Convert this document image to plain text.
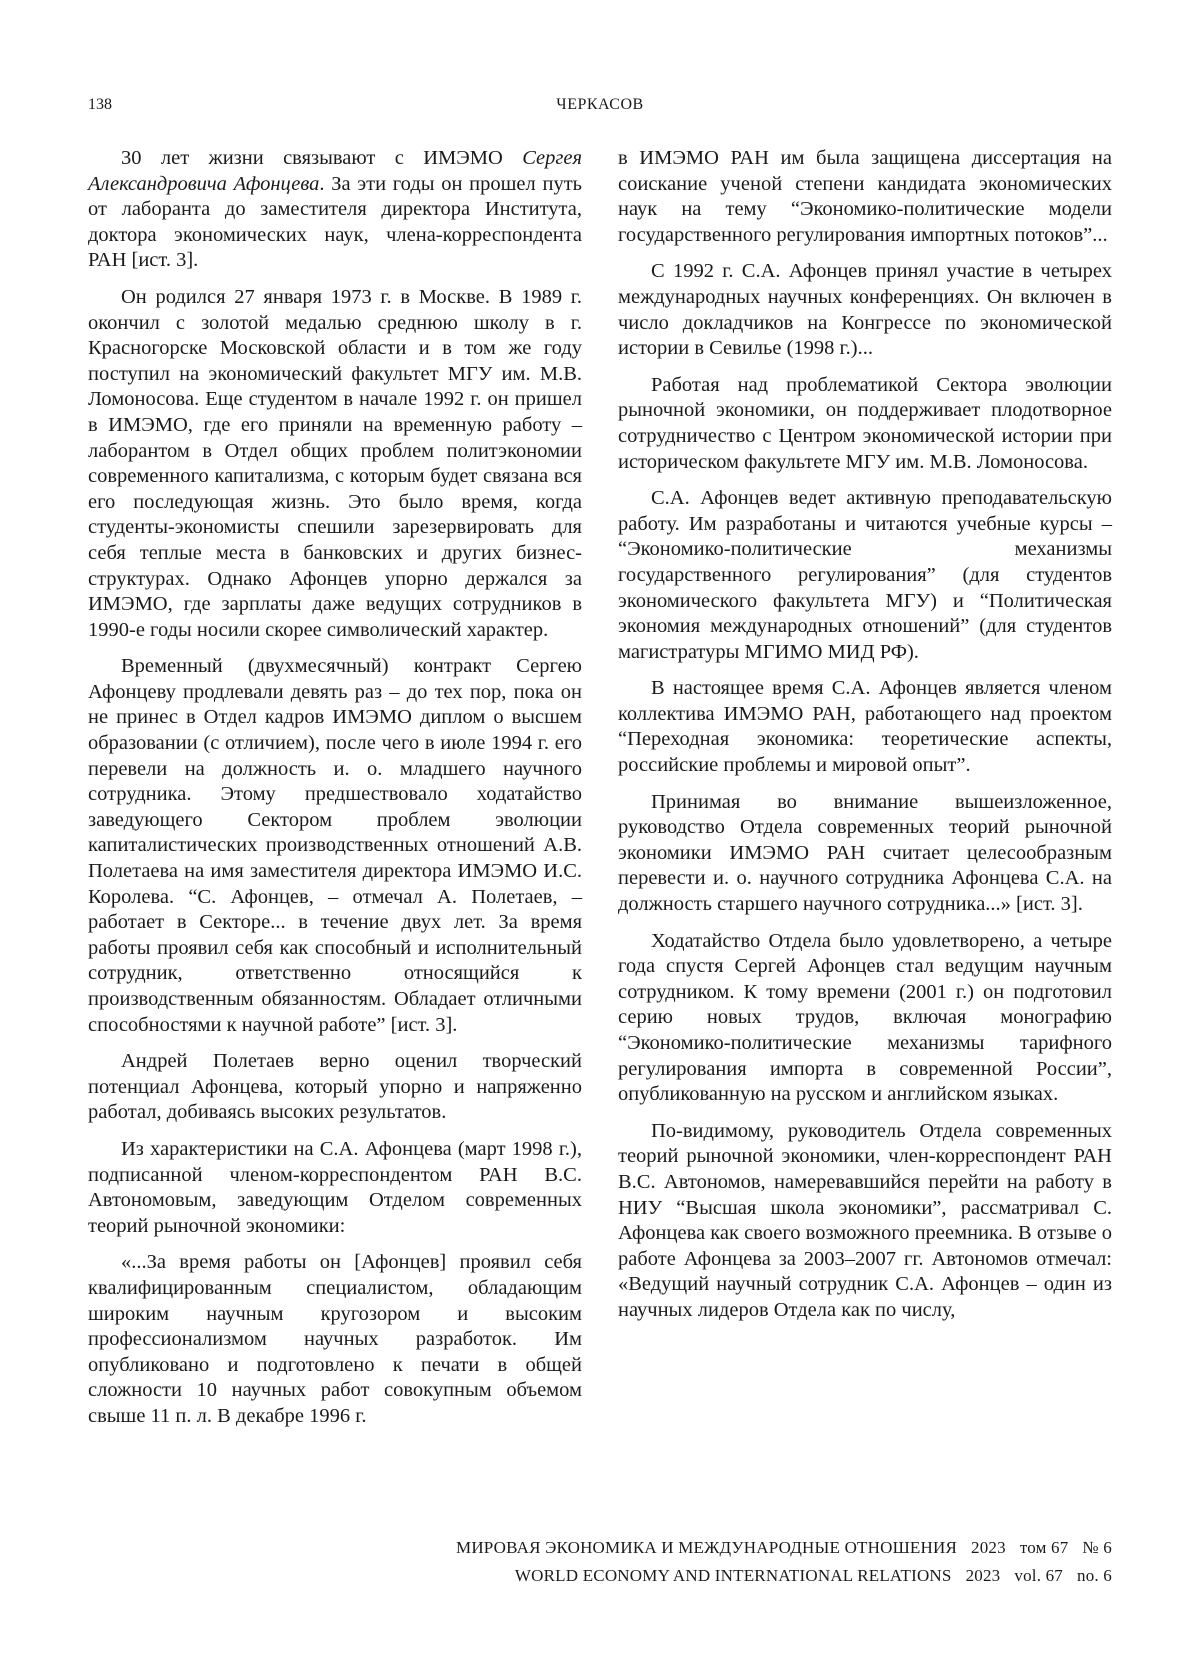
138	ЧЕРКАСОВ

30 лет жизни связывают с ИМЭМО Сергея Александровича Афонцева. За эти годы он прошел путь от лаборанта до заместителя директора Института, доктора экономических наук, члена-корреспондента РАН [ист. 3].

Он родился 27 января 1973 г. в Москве. В 1989 г. окончил с золотой медалью среднюю школу в г. Красногорске Московской области и в том же году поступил на экономический факультет МГУ им. М.В. Ломоносова. Еще студентом в начале 1992 г. он пришел в ИМЭМО, где его приняли на временную работу – лаборантом в Отдел общих проблем политэкономии современного капитализма, с которым будет связана вся его последующая жизнь. Это было время, когда студенты-экономисты спешили зарезервировать для себя теплые места в банковских и других бизнес-структурах. Однако Афонцев упорно держался за ИМЭМО, где зарплаты даже ведущих сотрудников в 1990-е годы носили скорее символический характер.

Временный (двухмесячный) контракт Сергею Афонцеву продлевали девять раз – до тех пор, пока он не принес в Отдел кадров ИМЭМО диплом о высшем образовании (с отличием), после чего в июле 1994 г. его перевели на должность и. о. младшего научного сотрудника. Этому предшествовало ходатайство заведующего Сектором проблем эволюции капиталистических производственных отношений А.В. Полетаева на имя заместителя директора ИМЭМО И.С. Королева. “С. Афонцев, – отмечал А. Полетаев, – работает в Секторе... в течение двух лет. За время работы проявил себя как способный и исполнительный сотрудник, ответственно относящийся к производственным обязанностям. Обладает отличными способностями к научной работе” [ист. 3].

Андрей Полетаев верно оценил творческий потенциал Афонцева, который упорно и напряженно работал, добиваясь высоких результатов.

Из характеристики на С.А. Афонцева (март 1998 г.), подписанной членом-корреспондентом РАН В.С. Автономовым, заведующим Отделом современных теорий рыночной экономики:

«...За время работы он [Афонцев] проявил себя квалифицированным специалистом, обладающим широким научным кругозором и высоким профессионализмом научных разработок. Им опубликовано и подготовлено к печати в общей сложности 10 научных работ совокупным объемом свыше 11 п. л. В декабре 1996 г.

в ИМЭМО РАН им была защищена диссертация на соискание ученой степени кандидата экономических наук на тему “Экономико-политические модели государственного регулирования импортных потоков”...

С 1992 г. С.А. Афонцев принял участие в четырех международных научных конференциях. Он включен в число докладчиков на Конгрессе по экономической истории в Севилье (1998 г.)...

Работая над проблематикой Сектора эволюции рыночной экономики, он поддерживает плодотворное сотрудничество с Центром экономической истории при историческом факультете МГУ им. М.В. Ломоносова.

С.А. Афонцев ведет активную преподавательскую работу. Им разработаны и читаются учебные курсы – “Экономико-политические механизмы государственного регулирования” (для студентов экономического факультета МГУ) и “Политическая экономия международных отношений” (для студентов магистратуры МГИМО МИД РФ).

В настоящее время С.А. Афонцев является членом коллектива ИМЭМО РАН, работающего над проектом “Переходная экономика: теоретические аспекты, российские проблемы и мировой опыт”.

Принимая во внимание вышеизложенное, руководство Отдела современных теорий рыночной экономики ИМЭМО РАН считает целесообразным перевести и. о. научного сотрудника Афонцева С.А. на должность старшего научного сотрудника...» [ист. 3].

Ходатайство Отдела было удовлетворено, а четыре года спустя Сергей Афонцев стал ведущим научным сотрудником. К тому времени (2001 г.) он подготовил серию новых трудов, включая монографию “Экономико-политические механизмы тарифного регулирования импорта в современной России”, опубликованную на русском и английском языках.

По-видимому, руководитель Отдела современных теорий рыночной экономики, член-корреспондент РАН В.С. Автономов, намеревавшийся перейти на работу в НИУ “Высшая школа экономики”, рассматривал С. Афонцева как своего возможного преемника. В отзыве о работе Афонцева за 2003–2007 гг. Автономов отмечал: «Ведущий научный сотрудник С.А. Афонцев – один из научных лидеров Отдела как по числу,

МИРОВАЯ ЭКОНОМИКА И МЕЖДУНАРОДНЫЕ ОТНОШЕНИЯ 2023 том 67 № 6
WORLD ECONOMY AND INTERNATIONAL RELATIONS 2023 vol. 67 no. 6
